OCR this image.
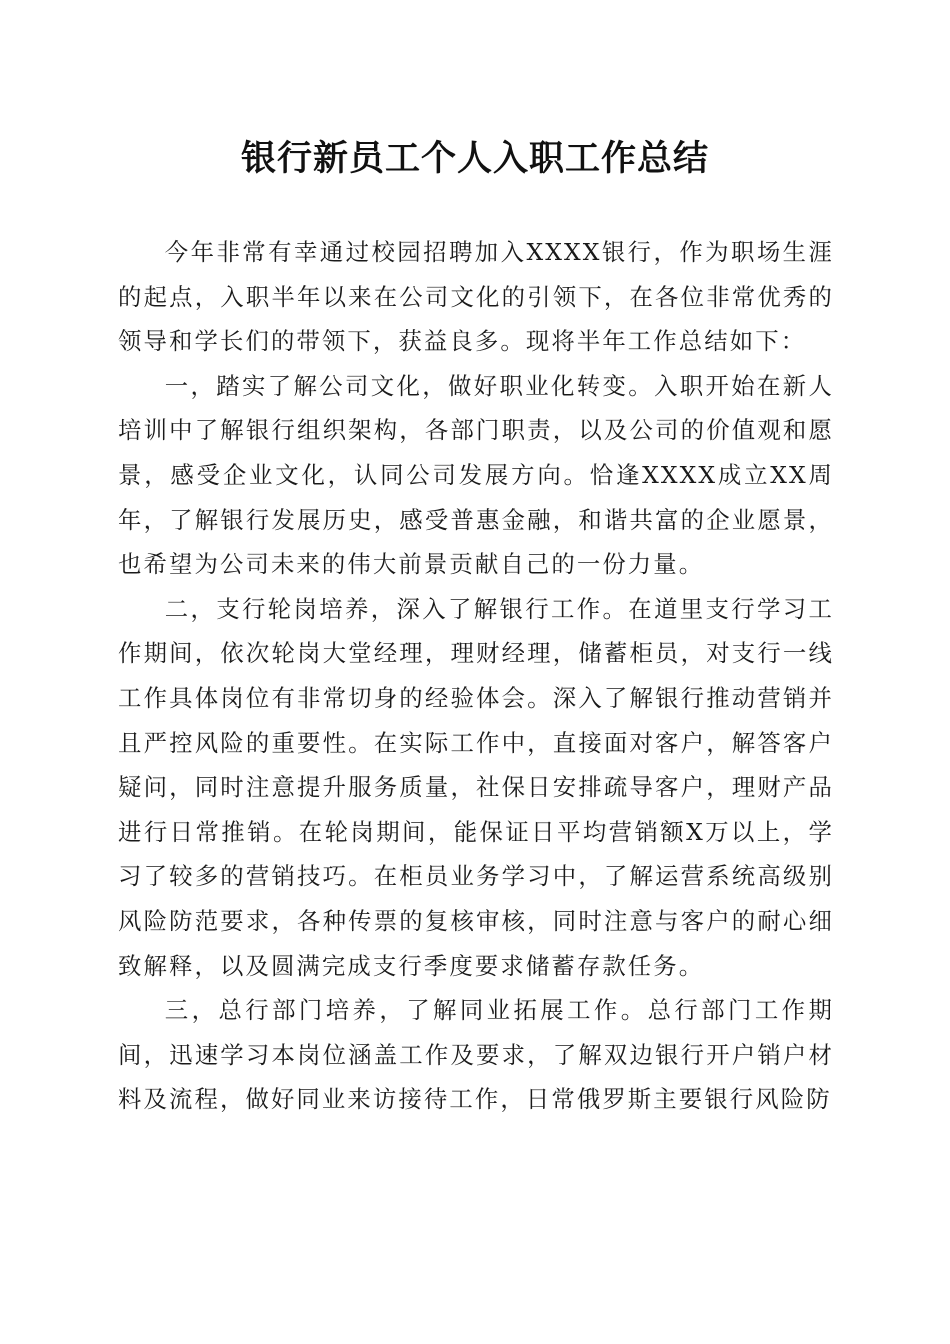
银行新员工个人入职工作总结

今年非常有幸通过校园招聘加入XXXX银行，作为职场生涯的起点，入职半年以来在公司文化的引领下，在各位非常优秀的领导和学长们的带领下，获益良多。现将半年工作总结如下：

一，踏实了解公司文化，做好职业化转变。入职开始在新人培训中了解银行组织架构，各部门职责，以及公司的价值观和愿景，感受企业文化，认同公司发展方向。恰逢XXXX成立XX周年，了解银行发展历史，感受普惠金融，和谐共富的企业愿景，也希望为公司未来的伟大前景贡献自己的一份力量。

二，支行轮岗培养，深入了解银行工作。在道里支行学习工作期间，依次轮岗大堂经理，理财经理，储蓄柜员，对支行一线工作具体岗位有非常切身的经验体会。深入了解银行推动营销并且严控风险的重要性。在实际工作中，直接面对客户，解答客户疑问，同时注意提升服务质量，社保日安排疏导客户，理财产品进行日常推销。在轮岗期间，能保证日平均营销额X万以上，学习了较多的营销技巧。在柜员业务学习中，了解运营系统高级别风险防范要求，各种传票的复核审核，同时注意与客户的耐心细致解释，以及圆满完成支行季度要求储蓄存款任务。

三，总行部门培养，了解同业拓展工作。总行部门工作期间，迅速学习本岗位涵盖工作及要求，了解双边银行开户销户材料及流程，做好同业来访接待工作，日常俄罗斯主要银行风险防
